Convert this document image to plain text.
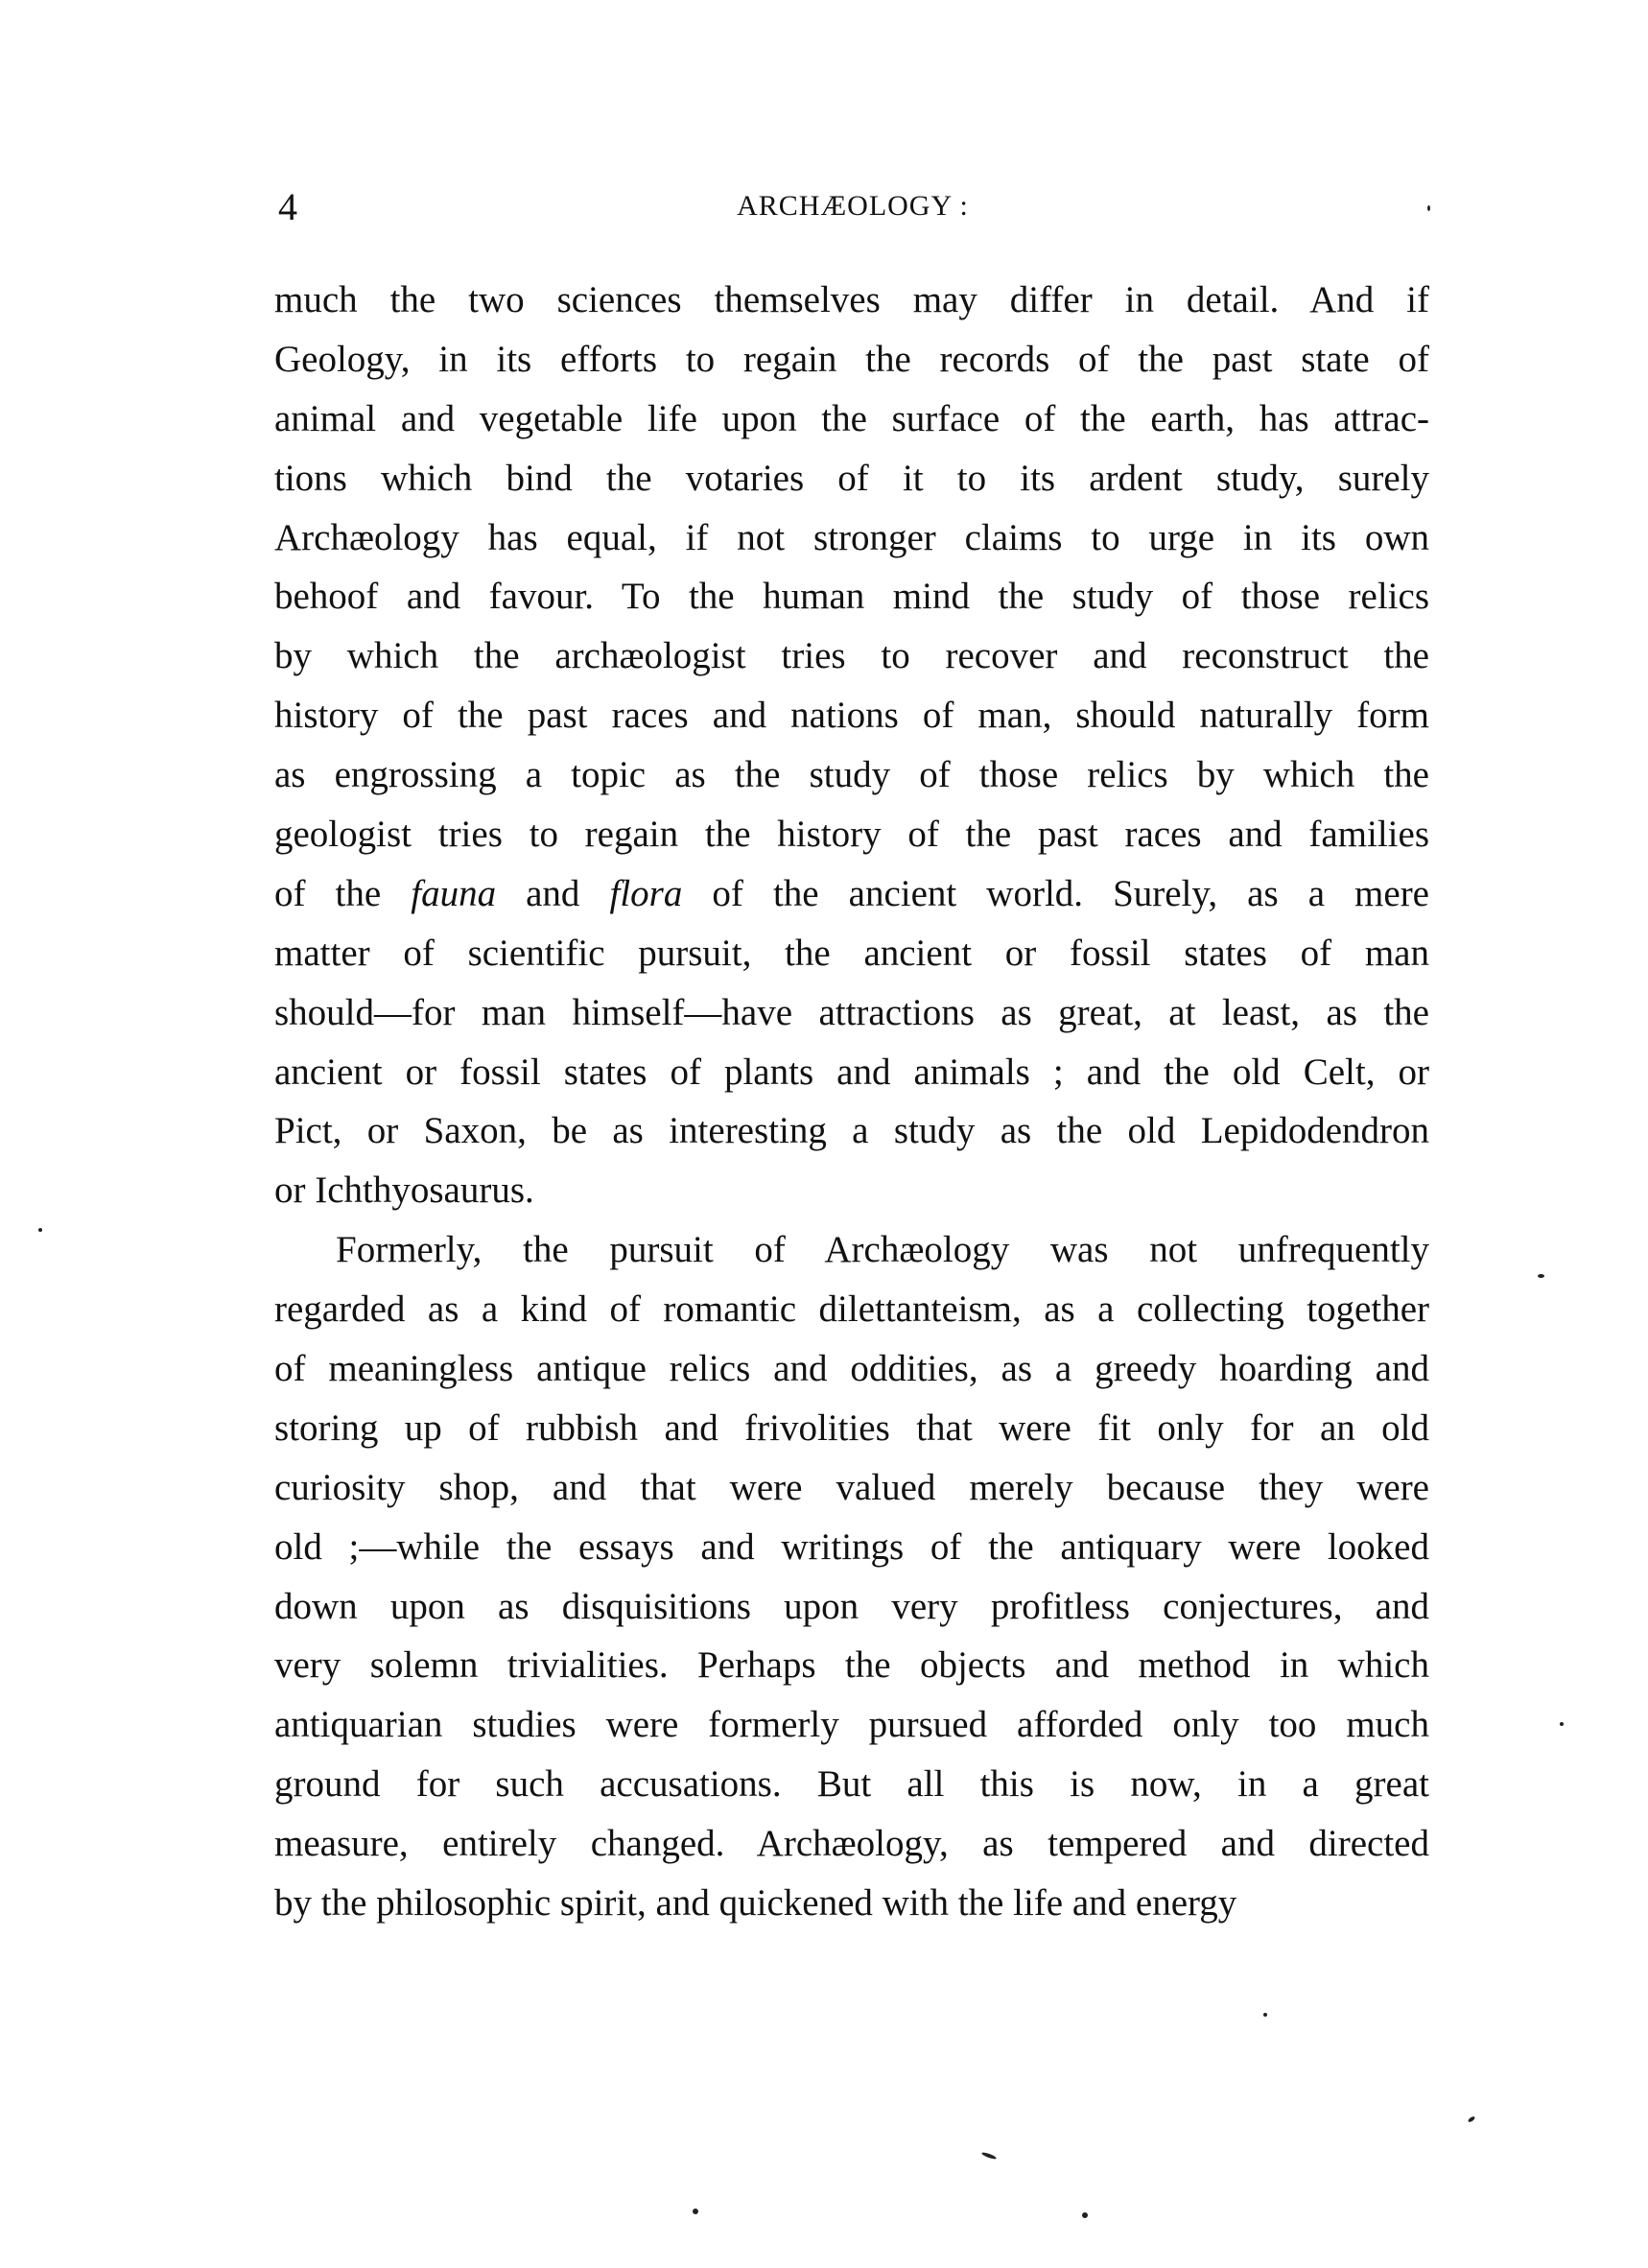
4	ARCHÆOLOGY :
much the two sciences themselves may differ in detail. And if
Geology, in its efforts to regain the records of the past state of
animal and vegetable life upon the surface of the earth, has attrac-
tions which bind the votaries of it to its ardent study, surely
Archæology has equal, if not stronger claims to urge in its own
behoof and favour. To the human mind the study of those relics
by which the archæologist tries to recover and reconstruct the
history of the past races and nations of man, should naturally form
as engrossing a topic as the study of those relics by which the
geologist tries to regain the history of the past races and families
of the fauna and flora of the ancient world. Surely, as a mere
matter of scientific pursuit, the ancient or fossil states of man
should—for man himself—have attractions as great, at least, as the
ancient or fossil states of plants and animals ; and the old Celt, or
Pict, or Saxon, be as interesting a study as the old Lepidodendron
or Ichthyosaurus.
Formerly, the pursuit of Archæology was not unfrequently
regarded as a kind of romantic dilettanteism, as a collecting together
of meaningless antique relics and oddities, as a greedy hoarding and
storing up of rubbish and frivolities that were fit only for an old
curiosity shop, and that were valued merely because they were
old ;—while the essays and writings of the antiquary were looked
down upon as disquisitions upon very profitless conjectures, and
very solemn trivialities. Perhaps the objects and method in which
antiquarian studies were formerly pursued afforded only too much
ground for such accusations. But all this is now, in a great
measure, entirely changed. Archæology, as tempered and directed
by the philosophic spirit, and quickened with the life and energy
